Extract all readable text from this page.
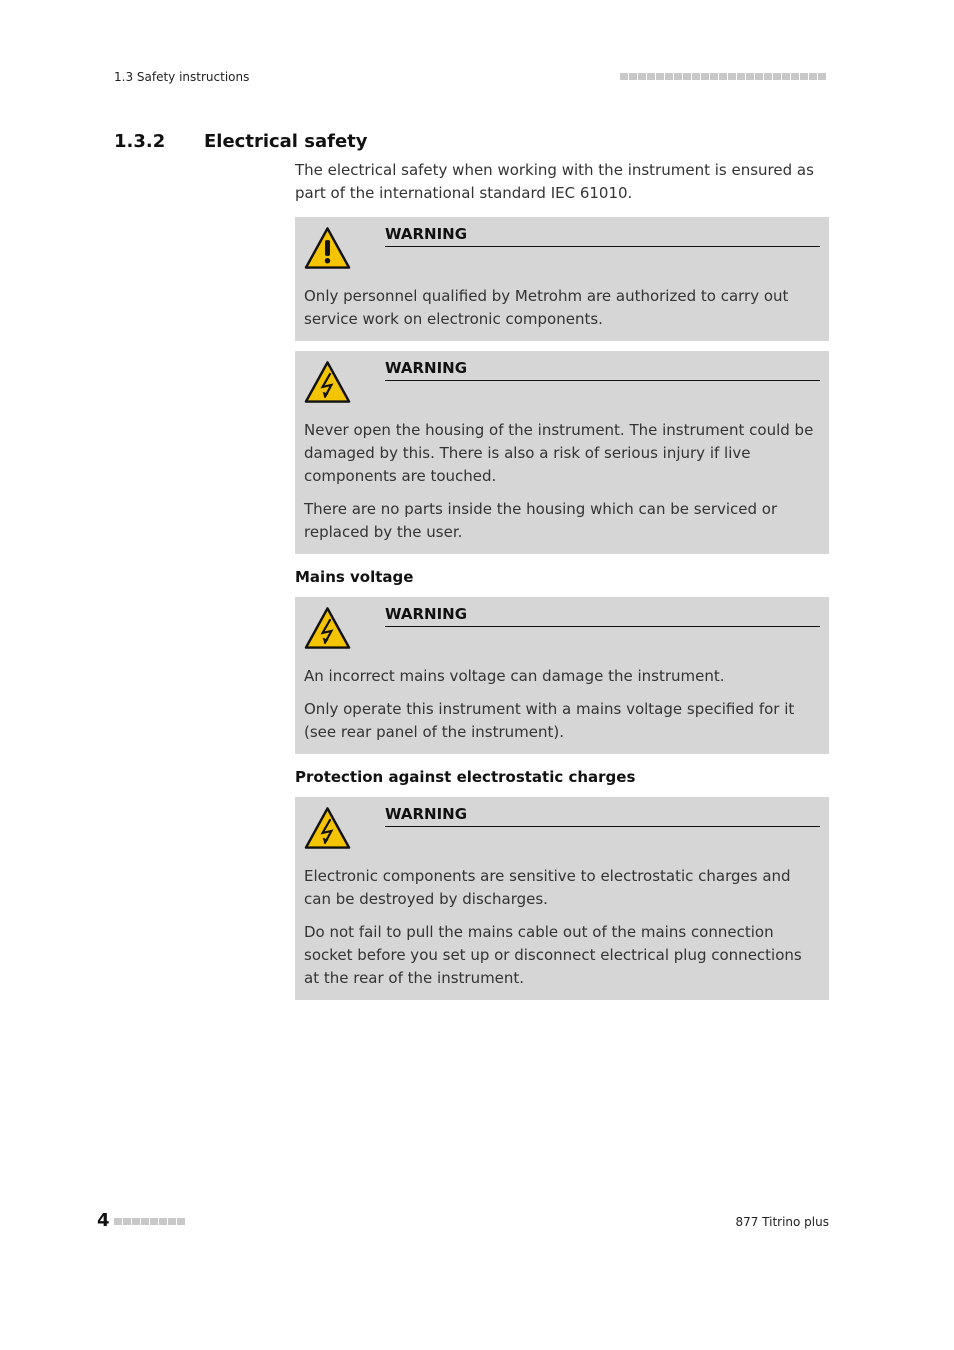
1.3 Safety instructions
1.3.2 Electrical safety

The electrical safety when working with the instrument is ensured as part of the international standard IEC 61010.

WARNING

Only personnel qualified by Metrohm are authorized to carry out service work on electronic components.

WARNING

Never open the housing of the instrument. The instrument could be damaged by this. There is also a risk of serious injury if live components are touched.

There are no parts inside the housing which can be serviced or replaced by the user.

Mains voltage
WARNING

An incorrect mains voltage can damage the instrument.

Only operate this instrument with a mains voltage specified for it (see rear panel of the instrument).

Protection against electrostatic charges
WARNING

Electronic components are sensitive to electrostatic charges and can be destroyed by discharges.

Do not fail to pull the mains cable out of the mains connection socket before you set up or disconnect electrical plug connections at the rear of the instrument.

4	877 Titrino plus
